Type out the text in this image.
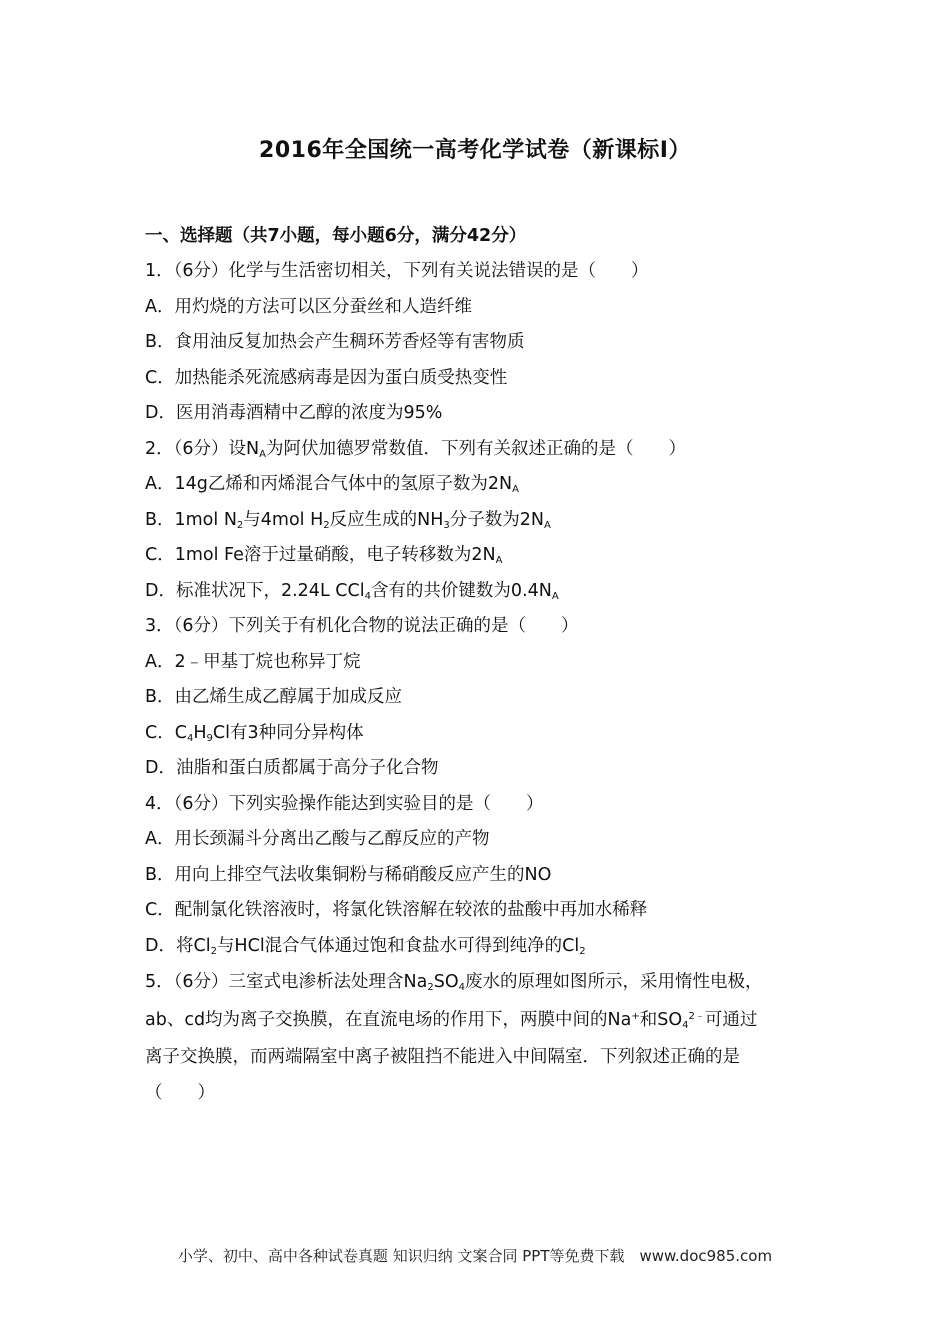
2016年全国统一高考化学试卷（新课标Ⅰ）
一、选择题（共7小题，每小题6分，满分42分）
1．（6分）化学与生活密切相关，下列有关说法错误的是（　　）
A．用灼烧的方法可以区分蚕丝和人造纤维
B．食用油反复加热会产生稠环芳香烃等有害物质
C．加热能杀死流感病毒是因为蛋白质受热变性
D．医用消毒酒精中乙醇的浓度为95%
2．（6分）设$N_A$为阿伏加德罗常数值．下列有关叙述正确的是（　　）
A．14g乙烯和丙烯混合气体中的氢原子数为$2N_A$
B．1mol $N_2$与4mol $H_2$反应生成的$NH_3$分子数为$2N_A$
C．1mol Fe溶于过量硝酸，电子转移数为$2N_A$
D．标准状况下，2.24L CCl$_4$含有的共价键数为$0.4N_A$
3．（6分）下列关于有机化合物的说法正确的是（　　）
A．2﹣甲基丁烷也称异丁烷
B．由乙烯生成乙醇属于加成反应
C．$C_4H_9Cl$有3种同分异构体
D．油脂和蛋白质都属于高分子化合物
4．（6分）下列实验操作能达到实验目的是（　　）
A．用长颈漏斗分离出乙酸与乙醇反应的产物
B．用向上排空气法收集铜粉与稀硝酸反应产生的NO
C．配制氯化铁溶液时，将氯化铁溶解在较浓的盐酸中再加水稀释
D．将$Cl_2$与HCl混合气体通过饱和食盐水可得到纯净的$Cl_2$
5．（6分）三室式电渗析法处理含$Na_2SO_4$废水的原理如图所示，采用惰性电极，
ab、cd均为离子交换膜，在直流电场的作用下，两膜中间的Na+和$SO_4^{2﹣}$可通过
离子交换膜，而两端隔室中离子被阻挡不能进入中间隔室．下列叙述正确的是
（　　）
小学、初中、高中各种试卷真题 知识归纳 文案合同 PPT等免费下载　www.doc985.com
